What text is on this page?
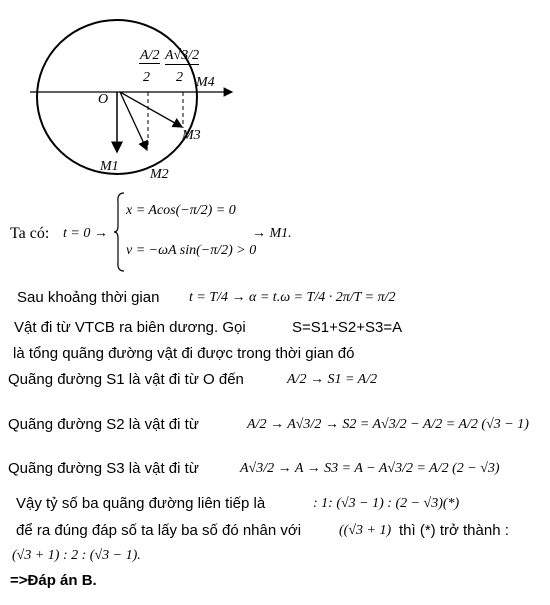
A/2
2
A√3/2
2
O
M4
M3
M1
M2
Ta có: t = 0 →
x = Acos(−π/2) = 0
v = −ωA sin(−π/2) > 0
→ M1.
Sau khoảng thời gian t = T/4 → α = t.ω = T/4 · 2π/T = π/2
Vật đi từ VTCB ra biên dương. Gọi	S=S1+S2+S3=A
là tổng quãng đường vật đi được trong thời gian đó
Quãng đường S1 là vật đi từ O đến	A/2 → S1 = A/2
Quãng đường S2 là vật đi từ	A/2 → A√3/2 → S2 = A√3/2 − A/2 = A/2 (√3 − 1)
Quãng đường S3 là vật đi từ	A√3/2 → A → S3 = A − A√3/2 = A/2 (2 − √3)
Vậy tỷ số ba quãng đường liên tiếp là	: 1: (√3 − 1) : (2 − √3)(*)
để ra đúng đáp số ta lấy ba số đó nhân với	((√3 + 1) thì (*) trở thành :
(√3 + 1) : 2 : (√3 − 1).
=>Đáp án B.
